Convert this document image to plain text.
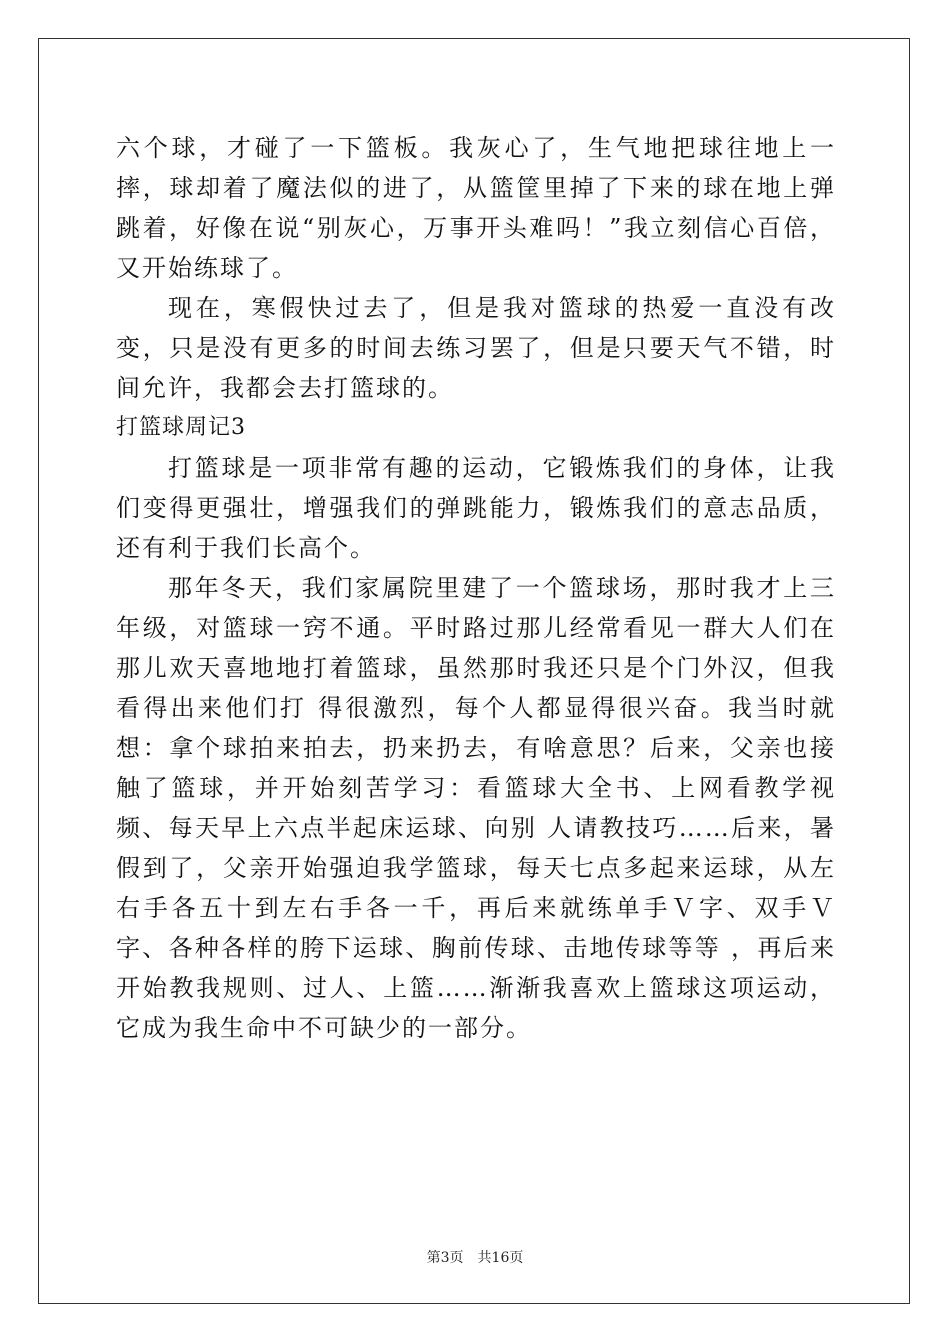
六个球，才碰了一下篮板。我灰心了，生气地把球往地上一摔，球却着了魔法似的进了，从篮筐里掉了下来的球在地上弹跳着，好像在说“别灰心，万事开头难吗！”我立刻信心百倍，又开始练球了。

现在，寒假快过去了，但是我对篮球的热爱一直没有改变，只是没有更多的时间去练习罢了，但是只要天气不错，时间允许，我都会去打篮球的。

打篮球周记3

打篮球是一项非常有趣的运动，它锻炼我们的身体，让我们变得更强壮，增强我们的弹跳能力，锻炼我们的意志品质，还有利于我们长高个。

那年冬天，我们家属院里建了一个篮球场，那时我才上三年级，对篮球一窍不通。平时路过那儿经常看见一群大人们在那儿欢天喜地地打着篮球，虽然那时我还只是个门外汉，但我看得出来他们打 得很激烈，每个人都显得很兴奋。我当时就想：拿个球拍来拍去，扔来扔去，有啥意思？后来，父亲也接触了篮球，并开始刻苦学习：看篮球大全书、上网看教学视频、每天早上六点半起床运球、向别 人请教技巧……后来，暑假到了，父亲开始强迫我学篮球，每天七点多起来运球，从左右手各五十到左右手各一千，再后来就练单手Ｖ字、双手Ｖ字、各种各样的胯下运球、胸前传球、击地传球等等 ，再后来开始教我规则、过人、上篮……渐渐我喜欢上篮球这项运动，它成为我生命中不可缺少的一部分。

第3页 共16页
